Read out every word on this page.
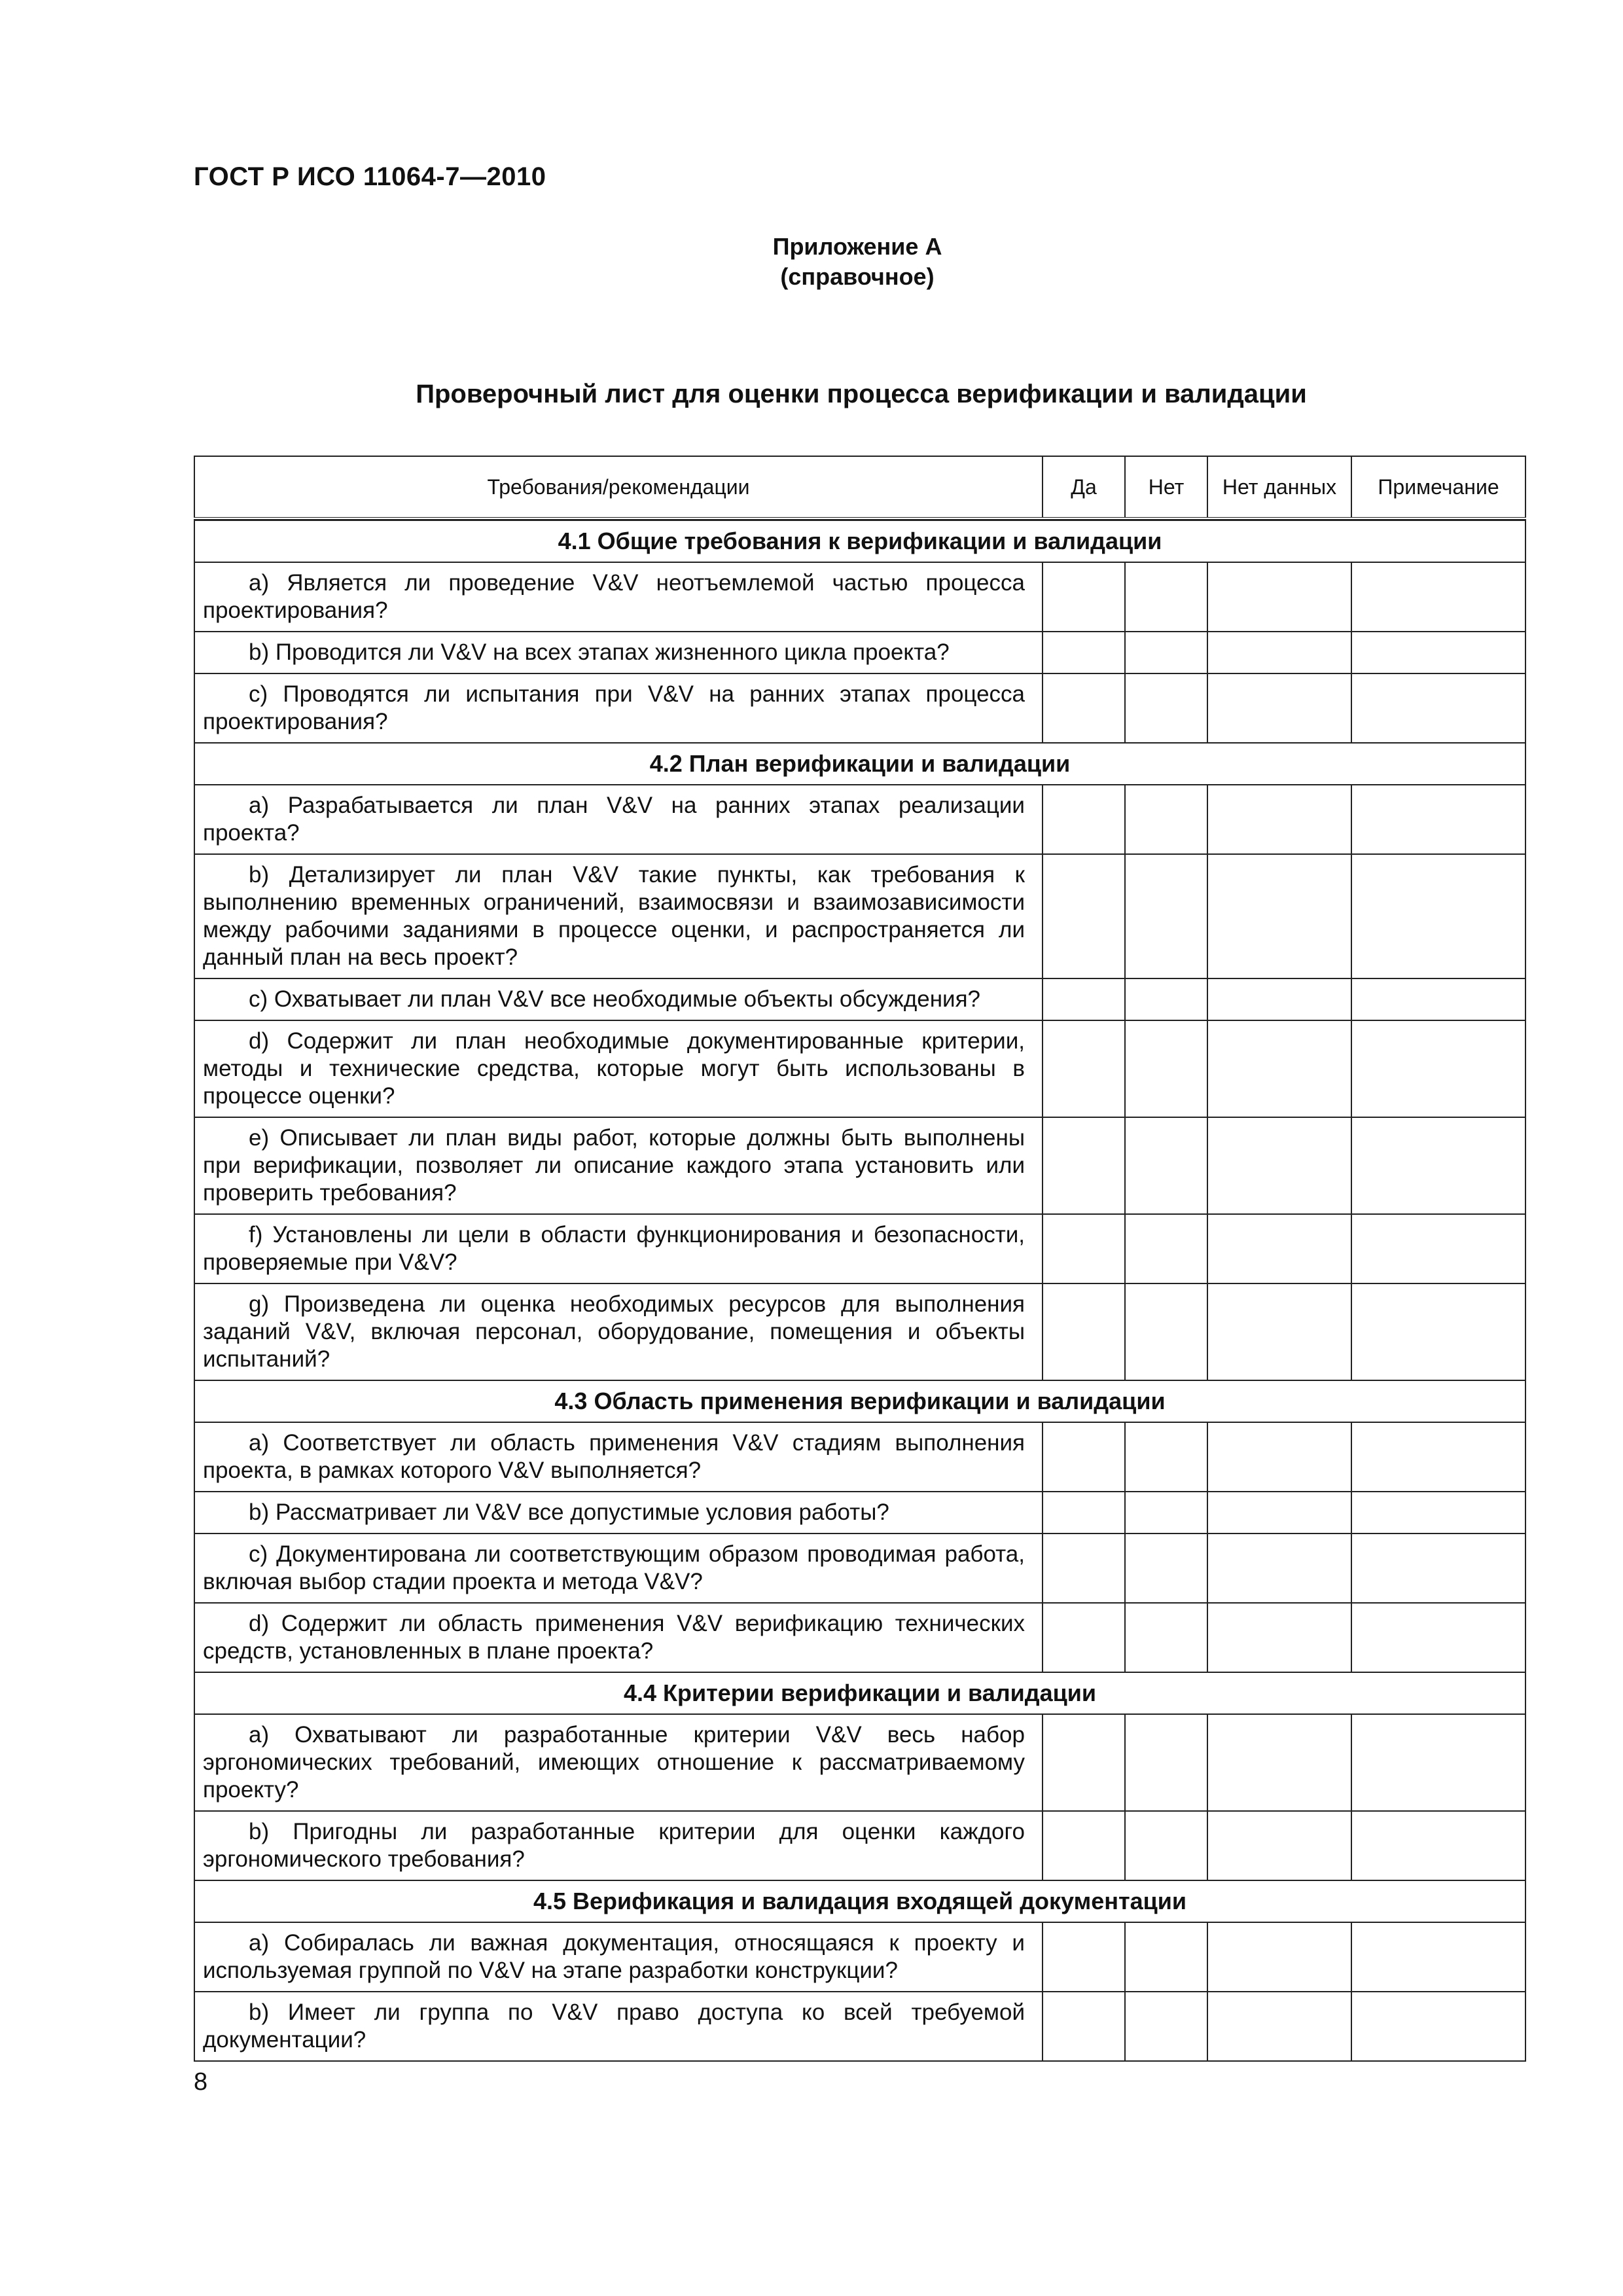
ГОСТ Р ИСО 11064-7—2010
Приложение А
(справочное)
Проверочный лист для оценки процесса верификации и валидации
Требования/рекомендации	Да	Нет	Нет данных	Примечание

4.1 Общие требования к верификации и валидации				

a) Является ли проведение V&V неотъемлемой частью процесса проектирования?				

b) Проводится ли V&V на всех этапах жизненного цикла проекта?				

c) Проводятся ли испытания при V&V на ранних этапах процесса проектирования?				

4.2 План верификации и валидации				

a) Разрабатывается ли план V&V на ранних этапах реализации проекта?				

b) Детализирует ли план V&V такие пункты, как требования к выполнению временных ограничений, взаимосвязи и взаимозависимости между рабочими заданиями в процессе оценки, и распространяется ли данный план на весь проект?				

c) Охватывает ли план V&V все необходимые объекты обсуждения?				

d) Содержит ли план необходимые документированные критерии, методы и технические средства, которые могут быть использованы в процессе оценки?				

e) Описывает ли план виды работ, которые должны быть выполнены при верификации, позволяет ли описание каждого этапа установить или проверить требования?				

f) Установлены ли цели в области функционирования и безопасности, проверяемые при V&V?				

g) Произведена ли оценка необходимых ресурсов для выполнения заданий V&V, включая персонал, оборудование, помещения и объекты испытаний?				

4.3 Область применения верификации и валидации				

a) Соответствует ли область применения V&V стадиям выполнения проекта, в рамках которого V&V выполняется?				

b) Рассматривает ли V&V все допустимые условия работы?				

c) Документирована ли соответствующим образом проводимая работа, включая выбор стадии проекта и метода V&V?				

d) Содержит ли область применения V&V верификацию технических средств, установленных в плане проекта?				

4.4 Критерии верификации и валидации				

a) Охватывают ли разработанные критерии V&V весь набор эргономических требований, имеющих отношение к рассматриваемому проекту?				

b) Пригодны ли разработанные критерии для оценки каждого эргономического требования?				

4.5 Верификация и валидация входящей документации				

a) Собиралась ли важная документация, относящаяся к проекту и используемая группой по V&V на этапе разработки конструкции?				

b) Имеет ли группа по V&V право доступа ко всей требуемой документации?				

8
